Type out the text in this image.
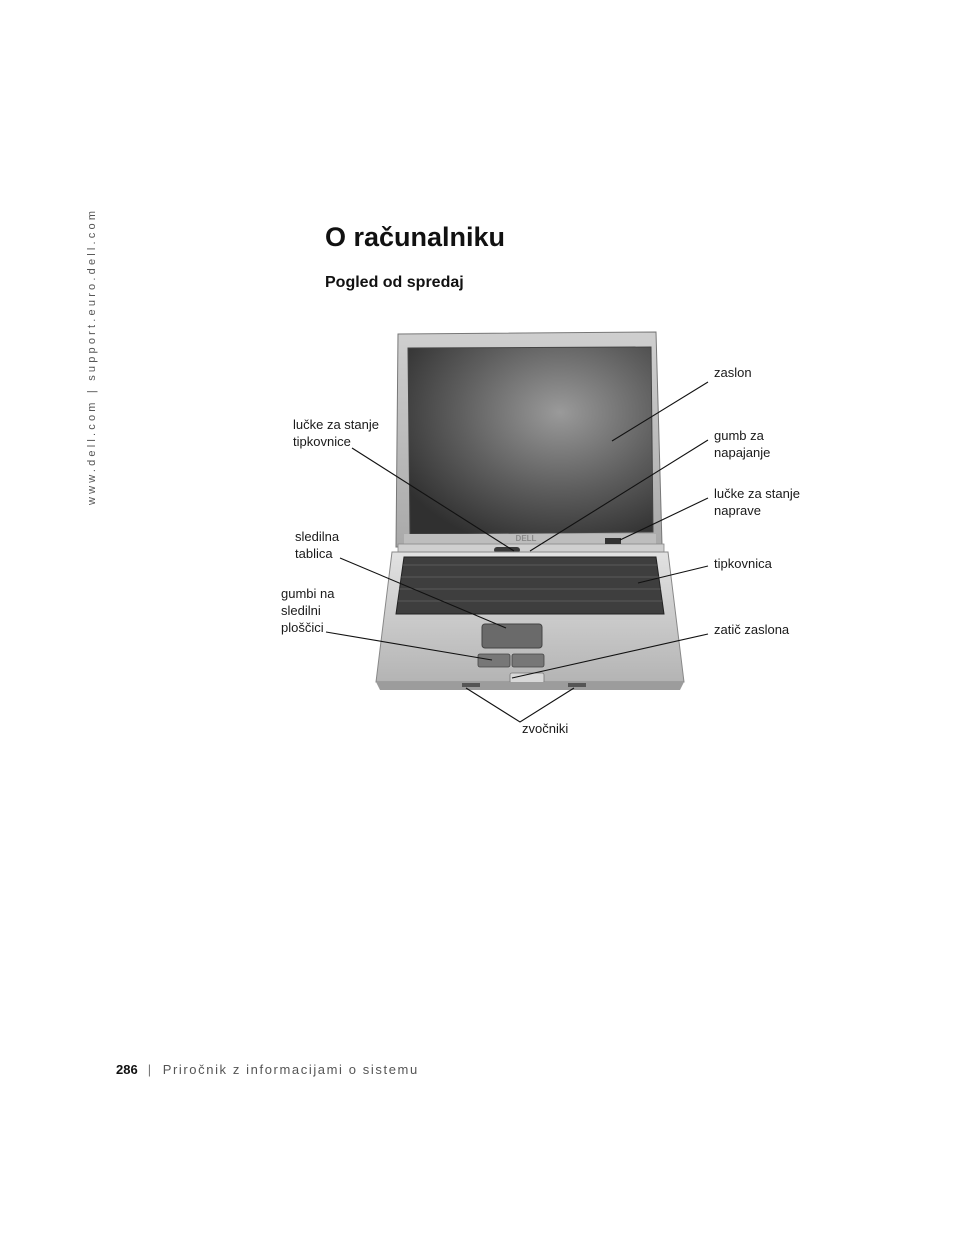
www.dell.com | support.euro.dell.com	O računalniku
Pogled od spredaj
DELL
zaslon
gumb za
napajanje
lučke za stanje
naprave
tipkovnica
zatič zaslona
lučke za stanje
tipkovnice
sledilna
tablica
gumbi na
sledilni
ploščici
zvočniki
286 | Priročnik z informacijami o sistemu
